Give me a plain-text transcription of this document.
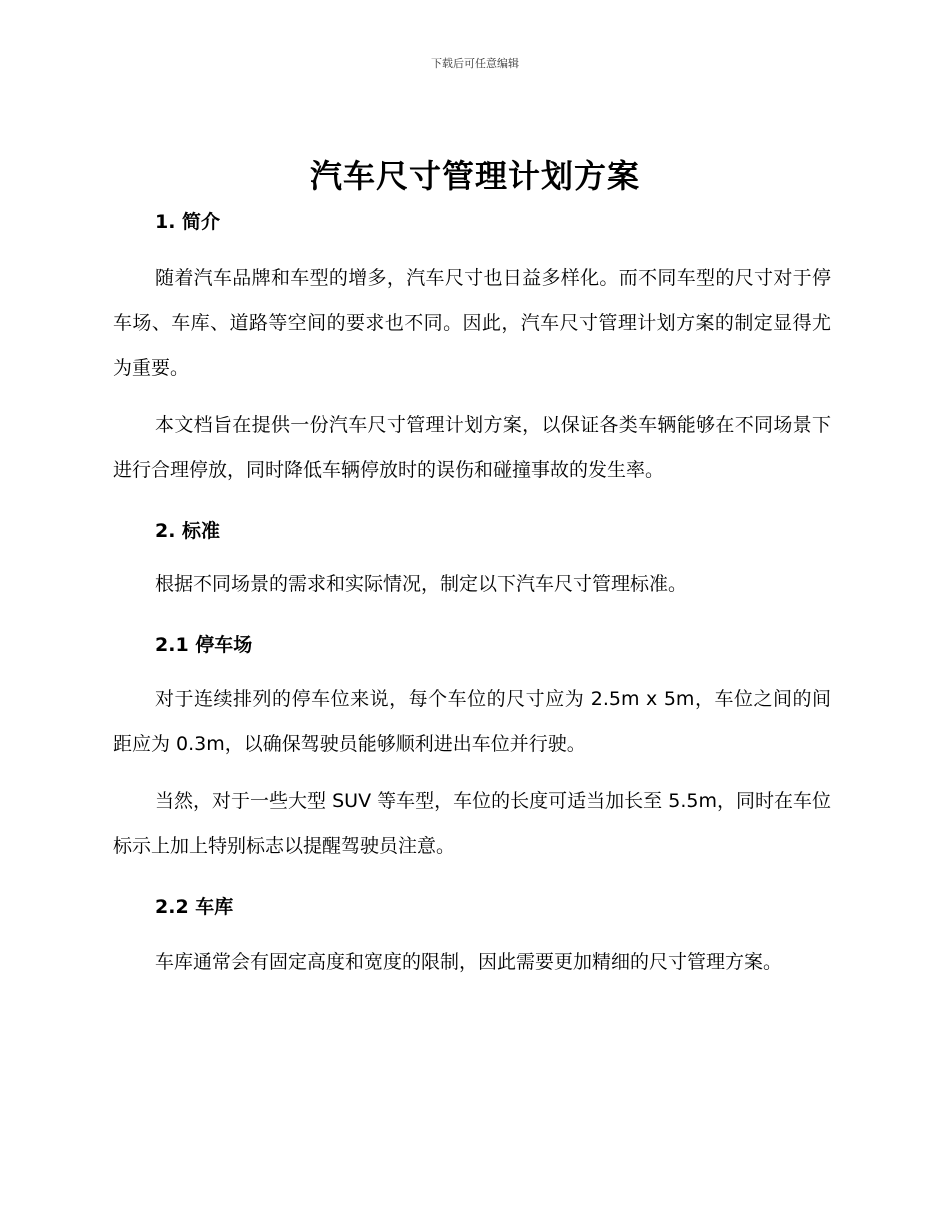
下载后可任意编辑
汽车尺寸管理计划方案
1. 简介

随着汽车品牌和车型的增多，汽车尺寸也日益多样化。而不同车型的尺寸对于停车场、车库、道路等空间的要求也不同。因此，汽车尺寸管理计划方案的制定显得尤为重要。

本文档旨在提供一份汽车尺寸管理计划方案，以保证各类车辆能够在不同场景下进行合理停放，同时降低车辆停放时的误伤和碰撞事故的发生率。

2. 标准

根据不同场景的需求和实际情况，制定以下汽车尺寸管理标准。

2.1 停车场

对于连续排列的停车位来说，每个车位的尺寸应为 2.5m x 5m，车位之间的间距应为 0.3m，以确保驾驶员能够顺利进出车位并行驶。

当然，对于一些大型 SUV 等车型，车位的长度可适当加长至 5.5m，同时在车位标示上加上特别标志以提醒驾驶员注意。

2.2 车库

车库通常会有固定高度和宽度的限制，因此需要更加精细的尺寸管理方案。
